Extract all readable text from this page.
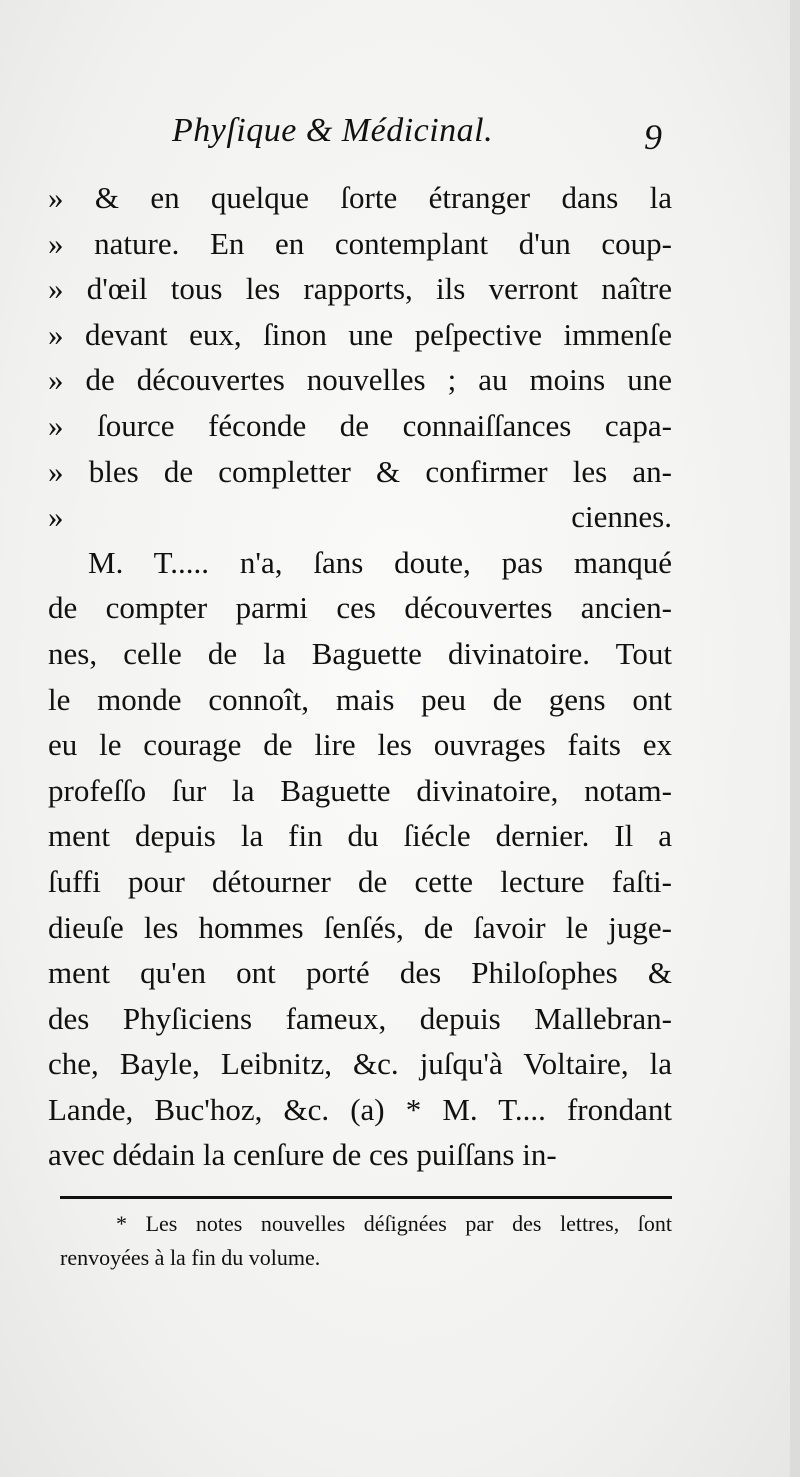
Phyſique & Médicinal.	9
» & en quelque ſorte étranger dans la
» nature. En en contemplant d'un coup-
» d'œil tous les rapports, ils verront naître
» devant eux, ſinon une peſpective immenſe
» de découvertes nouvelles ; au moins une
» ſource féconde de connaiſſances capa-
» bles de completter & confirmer les an-
» ciennes.
M. T..... n'a, ſans doute, pas manqué
de compter parmi ces découvertes ancien-
nes, celle de la Baguette divinatoire. Tout
le monde connoît, mais peu de gens ont
eu le courage de lire les ouvrages faits ex
profeſſo ſur la Baguette divinatoire, notam-
ment depuis la fin du ſiécle dernier. Il a
ſuffi pour détourner de cette lecture faſti-
dieuſe les hommes ſenſés, de ſavoir le juge-
ment qu'en ont porté des Philoſophes &
des Phyſiciens fameux, depuis Mallebran-
che, Bayle, Leibnitz, &c. juſqu'à Voltaire, la
Lande, Buc'hoz, &c. (a) * M. T.... frondant
avec dédain la cenſure de ces puiſſans in-
* Les notes nouvelles déſignées par des lettres, ſont
renvoyées à la fin du volume.
